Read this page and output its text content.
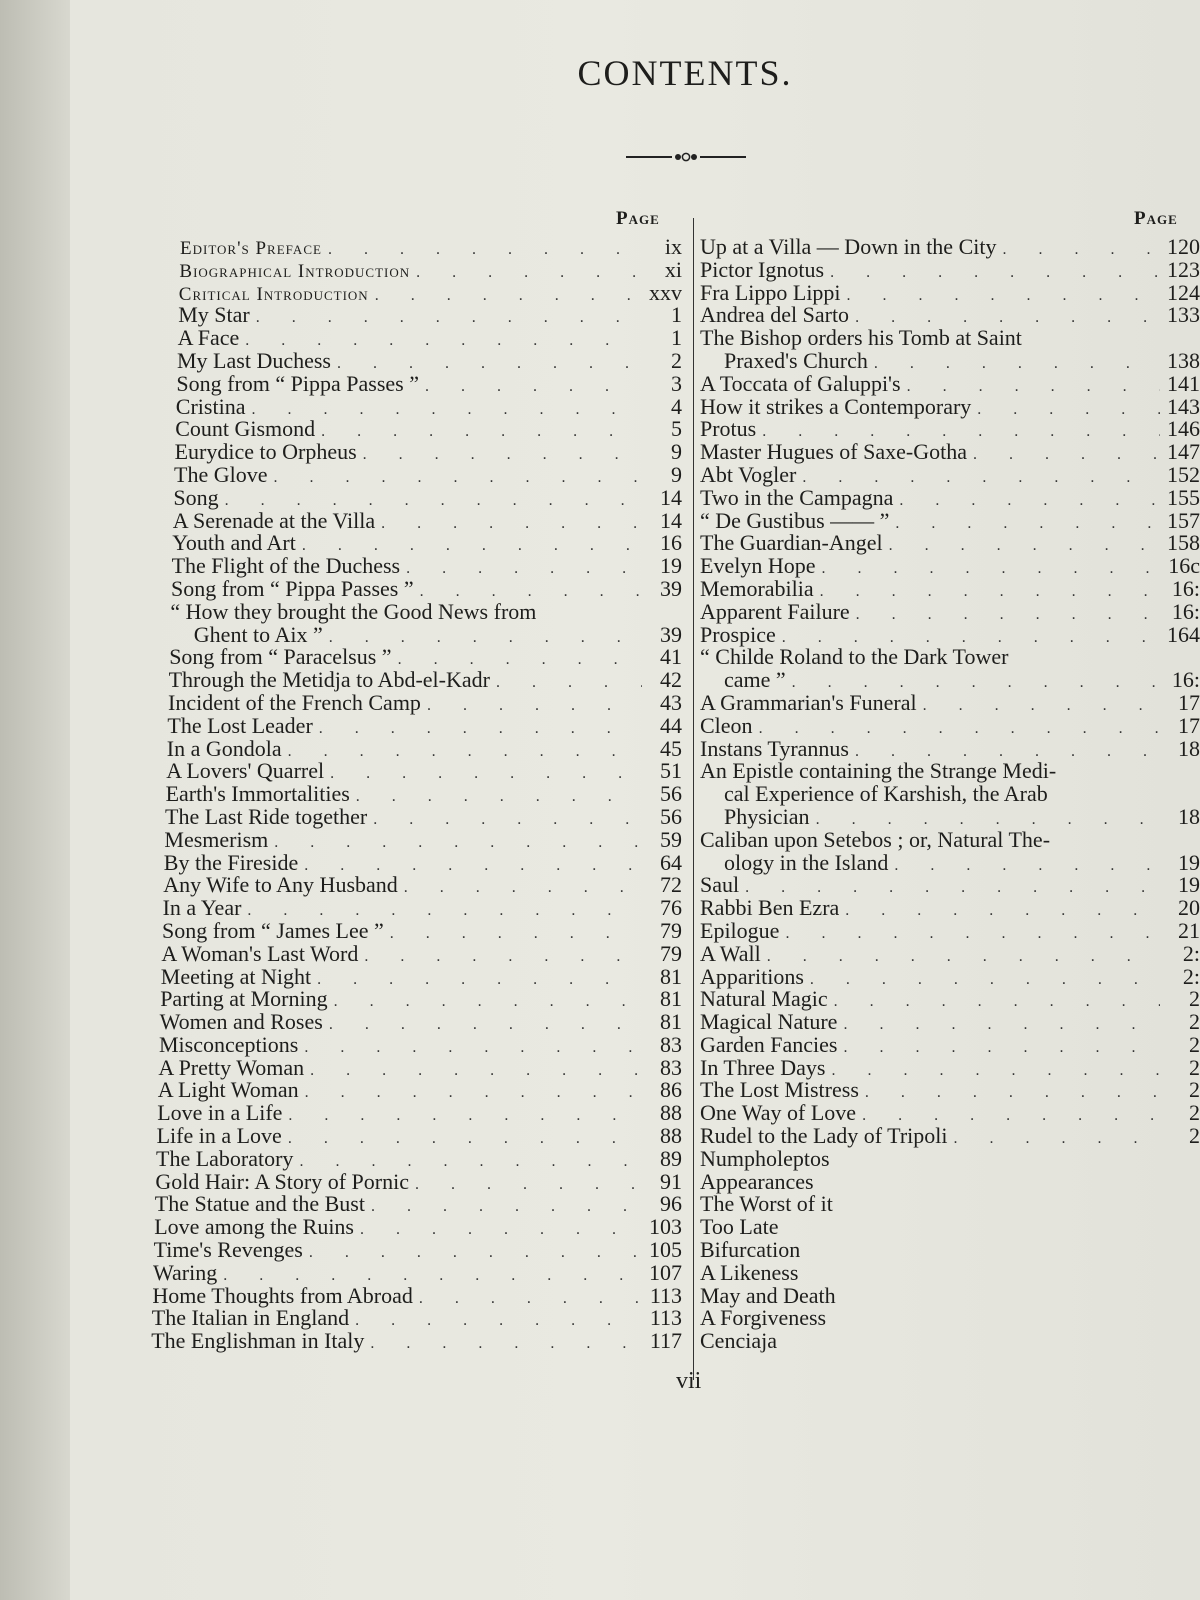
CONTENTS.
Page	Page
Editor's Preface . . .	ix
Biographical Introduction . . .	xi
Critical Introduction . . .	xxv
My Star . . .	1
A Face . . .	1
My Last Duchess . . .	2
Song from “ Pippa Passes ” . . .	3
Cristina . . .	4
Count Gismond . . .	5
Eurydice to Orpheus . . .	9
The Glove . . .	9
Song . . .	14
A Serenade at the Villa . . .	14
Youth and Art . . .	16
The Flight of the Duchess . . .	19
Song from “ Pippa Passes ” . . .	39
“ How they brought the Good News from
Ghent to Aix ” . . .	39
Song from “ Paracelsus ” . . .	41
Through the Metidja to Abd-el-Kadr . . .	42
Incident of the French Camp . . .	43
The Lost Leader . . .	44
In a Gondola . . .	45
A Lovers' Quarrel . . .	51
Earth's Immortalities . . .	56
The Last Ride together . . .	56
Mesmerism . . .	59
By the Fireside . . .	64
Any Wife to Any Husband . . .	72
In a Year . . .	76
Song from “ James Lee ” . . .	79
A Woman's Last Word . . .	79
Meeting at Night . . .	81
Parting at Morning . . .	81
Women and Roses . . .	81
Misconceptions . . .	83
A Pretty Woman . . .	83
A Light Woman . . .	86
Love in a Life . . .	88
Life in a Love . . .	88
The Laboratory . . .	89
Gold Hair: A Story of Pornic . . .	91
The Statue and the Bust . . .	96
Love among the Ruins . . .	103
Time's Revenges . . .	105
Waring . . .	107
Home Thoughts from Abroad . . .	113
The Italian in England . . .	113
The Englishman in Italy . . .	117
Up at a Villa — Down in the City . . .	120
Pictor Ignotus . . .	123
Fra Lippo Lippi . . .	124
Andrea del Sarto . . .	133
The Bishop orders his Tomb at Saint
Praxed's Church . . .	138
A Toccata of Galuppi's . . .	141
How it strikes a Contemporary . . .	143
Protus . . .	146
Master Hugues of Saxe-Gotha . . .	147
Abt Vogler . . .	152
Two in the Campagna . . .	155
“ De Gustibus —— ” . . .	157
The Guardian-Angel . . .	158
Evelyn Hope . . .	16c
Memorabilia . . .	16:
Apparent Failure . . .	16:
Prospice . . .	164
“ Childe Roland to the Dark Tower
came ” . . .	16:
A Grammarian's Funeral . . .	17
Cleon . . .	17
Instans Tyrannus . . .	18
An Epistle containing the Strange Medi-
cal Experience of Karshish, the Arab
Physician . . .	18
Caliban upon Setebos ; or, Natural The-
ology in the Island . . .	19
Saul . . .	19
Rabbi Ben Ezra . . .	20
Epilogue . . .	21
A Wall . . .	2:
Apparitions . . .	2:
Natural Magic . . .	2
Magical Nature . . .	2
Garden Fancies . . .	2
In Three Days . . .	2
The Lost Mistress . . .	2
One Way of Love . . .	2
Rudel to the Lady of Tripoli . . .	2
Numpholeptos
Appearances
The Worst of it
Too Late
Bifurcation
A Likeness
May and Death
A Forgiveness
Cenciaja
vii
